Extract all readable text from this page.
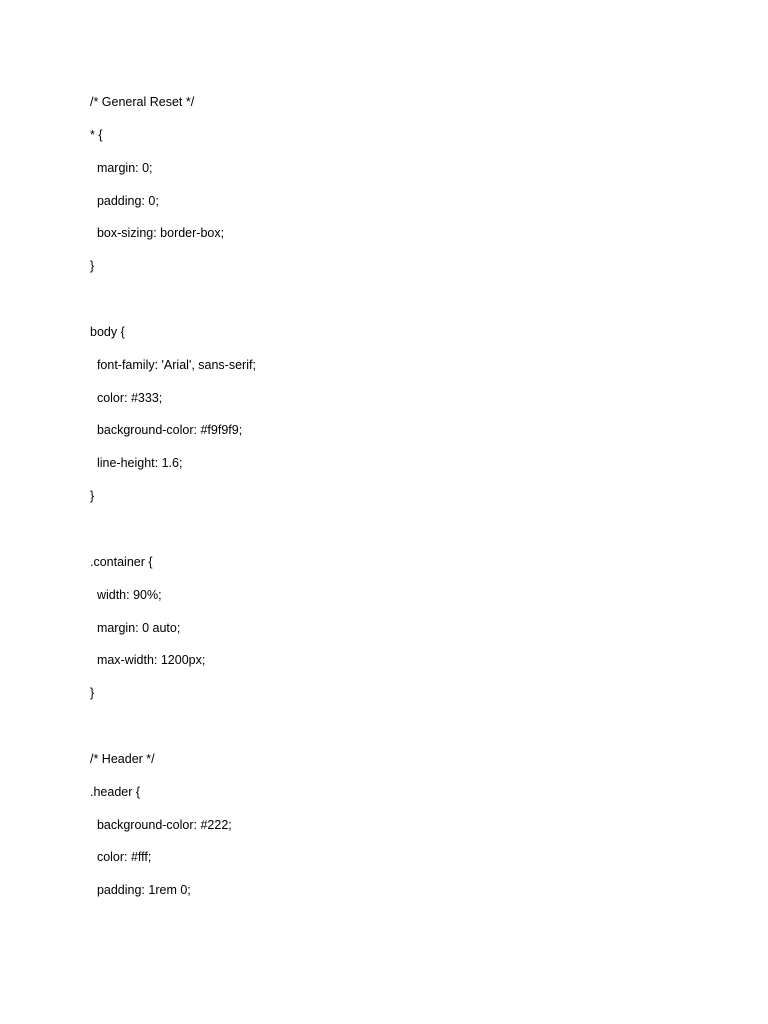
/* General Reset */
* {
margin: 0;
padding: 0;
box-sizing: border-box;
}
body {
font-family: 'Arial', sans-serif;
color: #333;
background-color: #f9f9f9;
line-height: 1.6;
}
.container {
width: 90%;
margin: 0 auto;
max-width: 1200px;
}
/* Header */
.header {
background-color: #222;
color: #fff;
padding: 1rem 0;
